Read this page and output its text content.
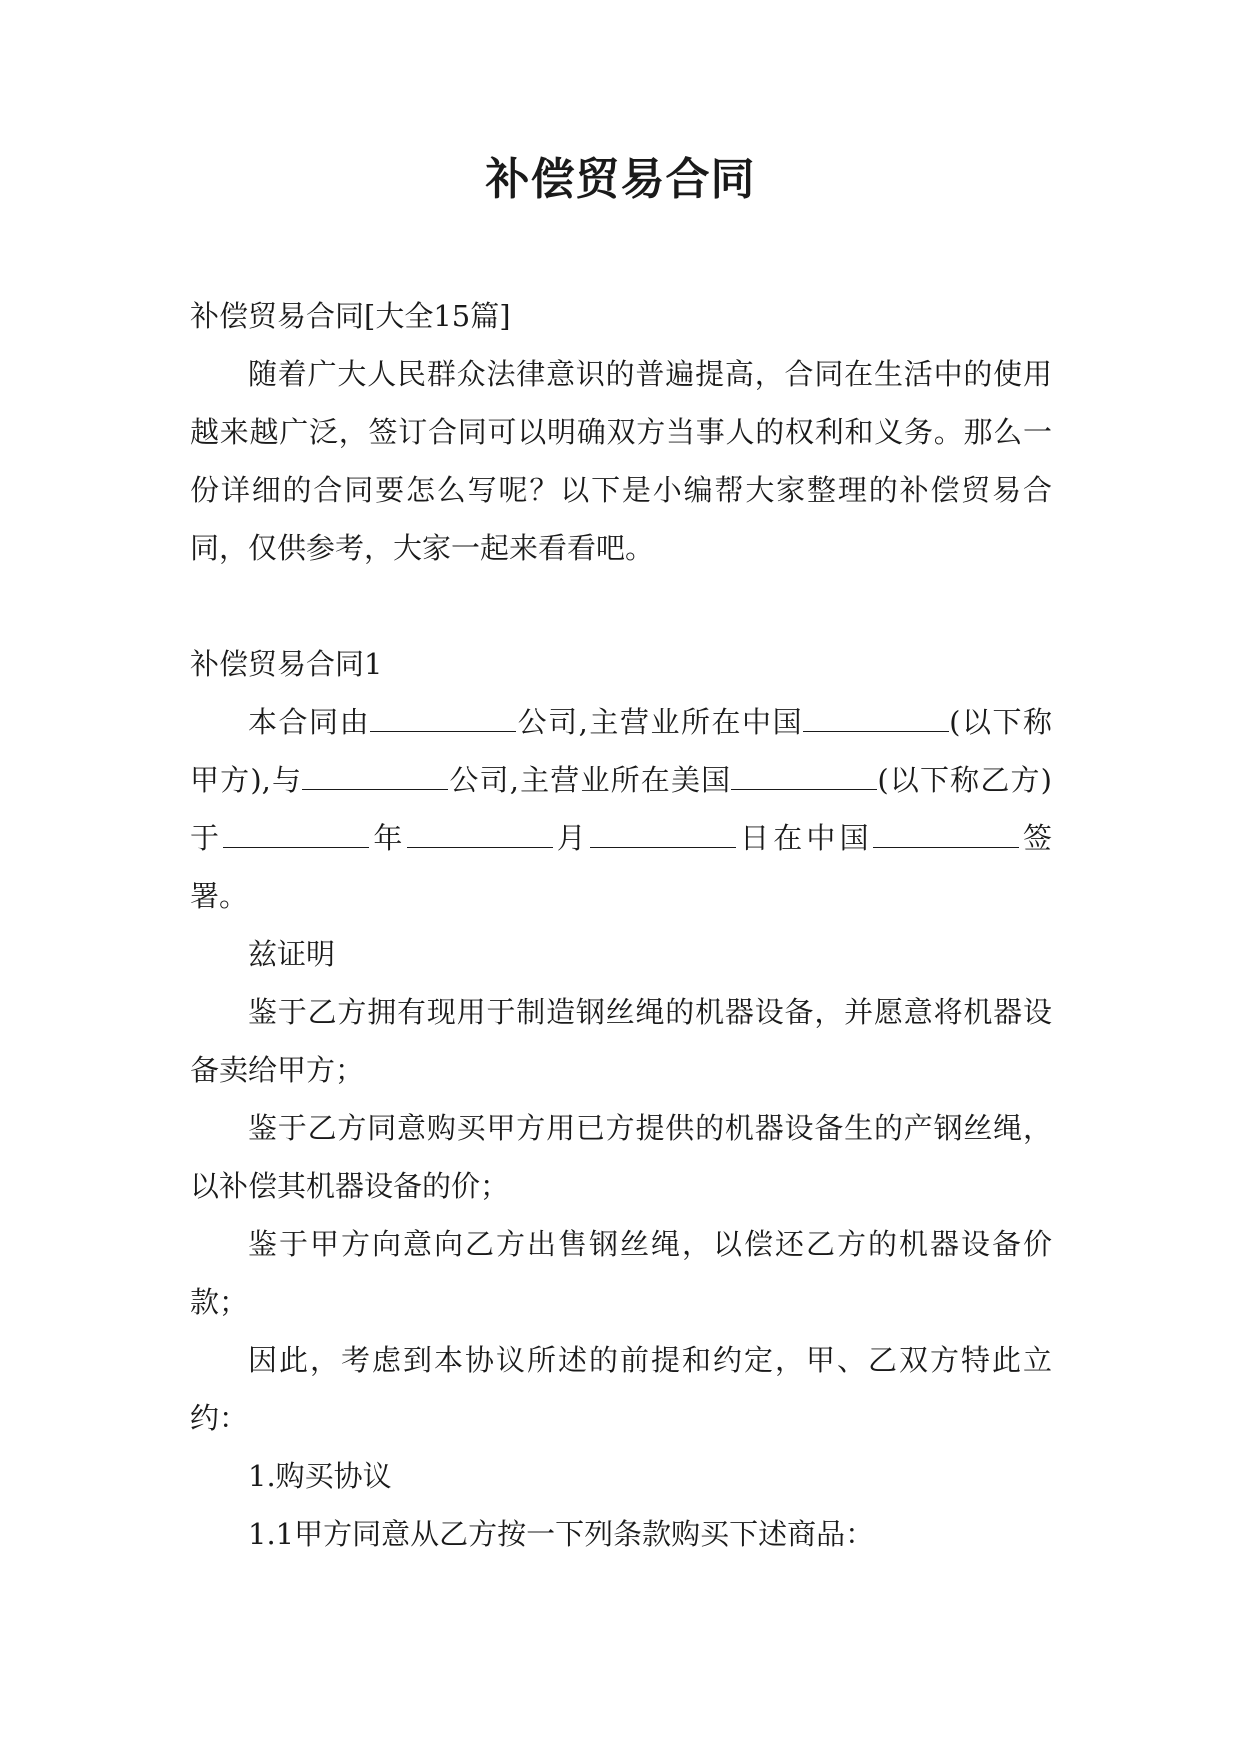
补偿贸易合同

补偿贸易合同[大全15篇]

随着广大人民群众法律意识的普遍提高，合同在生活中的使用越来越广泛，签订合同可以明确双方当事人的权利和义务。那么一份详细的合同要怎么写呢？以下是小编帮大家整理的补偿贸易合同，仅供参考，大家一起来看看吧。

补偿贸易合同1

本合同由	公司,主营业所在中国	(以下称甲方),与	公司,主营业所在美国	(以下称乙方)于	年	月	日在中国	签署。

兹证明

鉴于乙方拥有现用于制造钢丝绳的机器设备，并愿意将机器设备卖给甲方；

鉴于乙方同意购买甲方用已方提供的机器设备生的产钢丝绳，以补偿其机器设备的价；

鉴于甲方向意向乙方出售钢丝绳，以偿还乙方的机器设备价款；

因此，考虑到本协议所述的前提和约定，甲、乙双方特此立约：

1.购买协议

1.1甲方同意从乙方按一下列条款购买下述商品：
